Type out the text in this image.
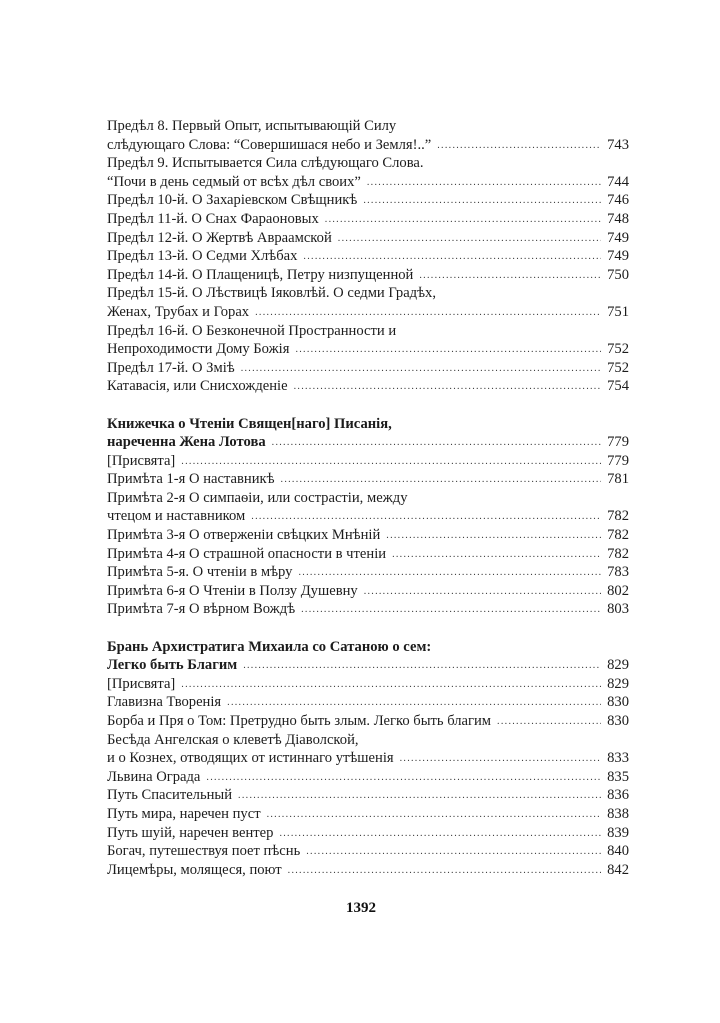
Предѣл 8. Первый Опыт, испытывающій Силу
слѣдующаго Слова: “Совершишася небо и Земля!..” .....	743
Предѣл 9. Испытывается Сила слѣдующаго Слова.
“Почи в день седмый от всѣх дѣл своих” .....	744
Предѣл 10-й. О Захаріевском Свѣщникѣ .....	746
Предѣл 11-й. О Снах Фараоновых .....	748
Предѣл 12-й. О Жертвѣ Авраамской .....	749
Предѣл 13-й. О Седми Хлѣбах .....	749
Предѣл 14-й. О Плащеницѣ, Петру низпущенной .....	750
Предѣл 15-й. О Лѣствицѣ Іяковлѣй. О седми Градѣх,
Женах, Трубах и Горах .....	751
Предѣл 16-й. О Безконечной Пространности и
Непроходимости Дому Божія .....	752
Предѣл 17-й. О Зміѣ .....	752
Катавасія, или Снисхожденіе .....	754
Книжечка о Чтеніи Священ[наго] Писанія,
нареченна Жена Лотова .....	779
[Присвята] .....	779
Примѣта 1-я О наставникѣ .....	781
Примѣта 2-я О симпаѳіи, или сострастіи, между
чтецом и наставником .....	782
Примѣта 3-я О отверженіи свѣцких Мнѣній .....	782
Примѣта 4-я О страшной опасности в чтеніи .....	782
Примѣта 5-я. О чтеніи в мѣру .....	783
Примѣта 6-я О Чтеніи в Ползу Душевну .....	802
Примѣта 7-я О вѣрном Вождѣ .....	803
Брань Архистратига Михаила со Сатаною о сем:
Легко быть Благим .....	829
[Присвята] .....	829
Главизна Творенія .....	830
Борба и Пря о Том: Претрудно быть злым. Легко быть благим .....	830
Бесѣда Ангелская о клеветѣ Діаволской,
и о Кознех, отводящих от истиннаго утѣшенія .....	833
Львина Ограда .....	835
Путь Спасительный .....	836
Путь мира, наречен пуст .....	838
Путь шуій, наречен вентер .....	839
Богач, путешествуя поет пѣснь .....	840
Лицемѣры, молящеся, поют .....	842
1392
